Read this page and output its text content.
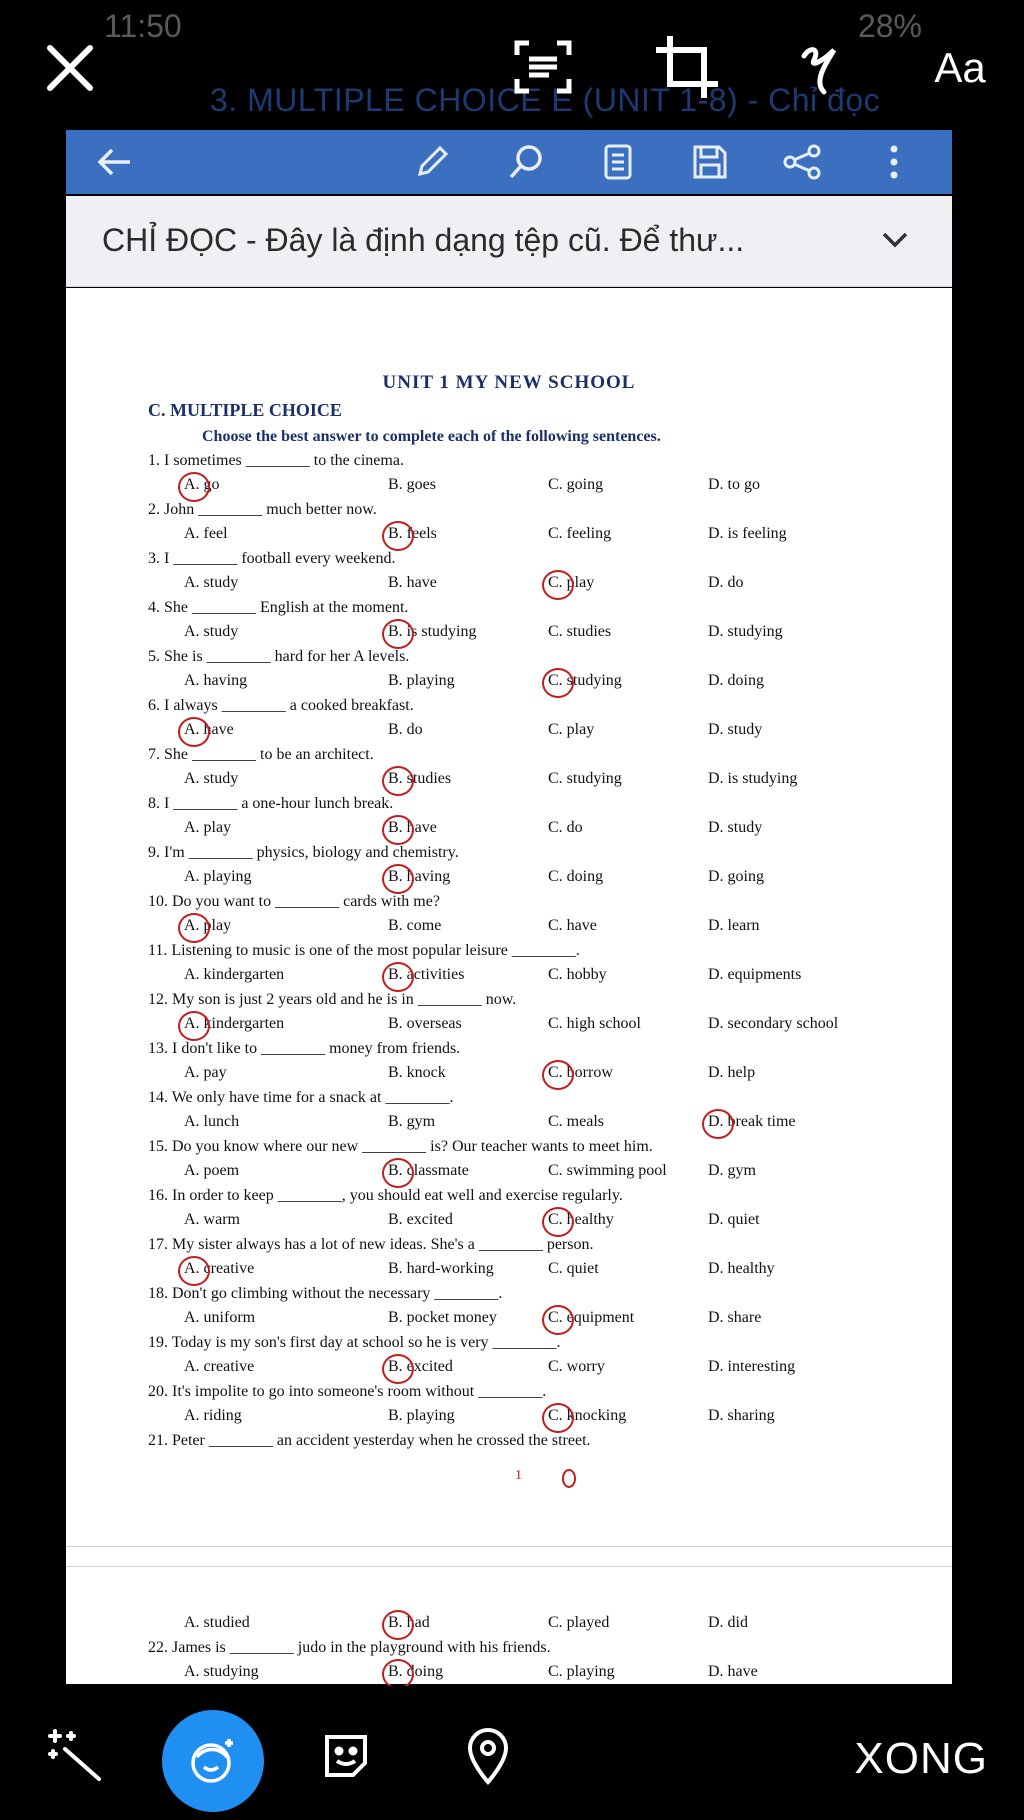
11:50	28%
3. MULTIPLE CHOICE E (UNIT 1-8) - Chỉ đọc
Aa
CHỈ ĐỌC - Đây là định dạng tệp cũ. Để thư...
UNIT 1 MY NEW SCHOOL
C. MULTIPLE CHOICE
Choose the best answer to complete each of the following sentences.
1. I sometimes ________ to the cinema.
A. go	B. goes	C. going	D. to go
2. John ________ much better now.
A. feel	B. feels	C. feeling	D. is feeling
3. I ________ football every weekend.
A. study	B. have	C. play	D. do
4. She ________ English at the moment.
A. study	B. is studying	C. studies	D. studying
5. She is ________ hard for her A levels.
A. having	B. playing	C. studying	D. doing
6. I always ________ a cooked breakfast.
A. have	B. do	C. play	D. study
7. She ________ to be an architect.
A. study	B. studies	C. studying	D. is studying
8. I ________ a one-hour lunch break.
A. play	B. have	C. do	D. study
9. I'm ________ physics, biology and chemistry.
A. playing	B. having	C. doing	D. going
10. Do you want to ________ cards with me?
A. play	B. come	C. have	D. learn
11. Listening to music is one of the most popular leisure ________.
A. kindergarten	B. activities	C. hobby	D. equipments
12. My son is just 2 years old and he is in ________ now.
A. kindergarten	B. overseas	C. high school	D. secondary school
13. I don't like to ________ money from friends.
A. pay	B. knock	C. borrow	D. help
14. We only have time for a snack at ________.
A. lunch	B. gym	C. meals	D. break time
15. Do you know where our new ________ is? Our teacher wants to meet him.
A. poem	B. classmate	C. swimming pool	D. gym
16. In order to keep ________, you should eat well and exercise regularly.
A. warm	B. excited	C. healthy	D. quiet
17. My sister always has a lot of new ideas. She's a ________ person.
A. creative	B. hard-working	C. quiet	D. healthy
18. Don't go climbing without the necessary ________.
A. uniform	B. pocket money	C. equipment	D. share
19. Today is my son's first day at school so he is very ________.
A. creative	B. excited	C. worry	D. interesting
20. It's impolite to go into someone's room without ________.
A. riding	B. playing	C. knocking	D. sharing
21. Peter ________ an accident yesterday when he crossed the street.
1
A. studied	B. had	C. played	D. did
22. James is ________ judo in the playground with his friends.
A. studying	B. doing	C. playing	D. have
XONG
